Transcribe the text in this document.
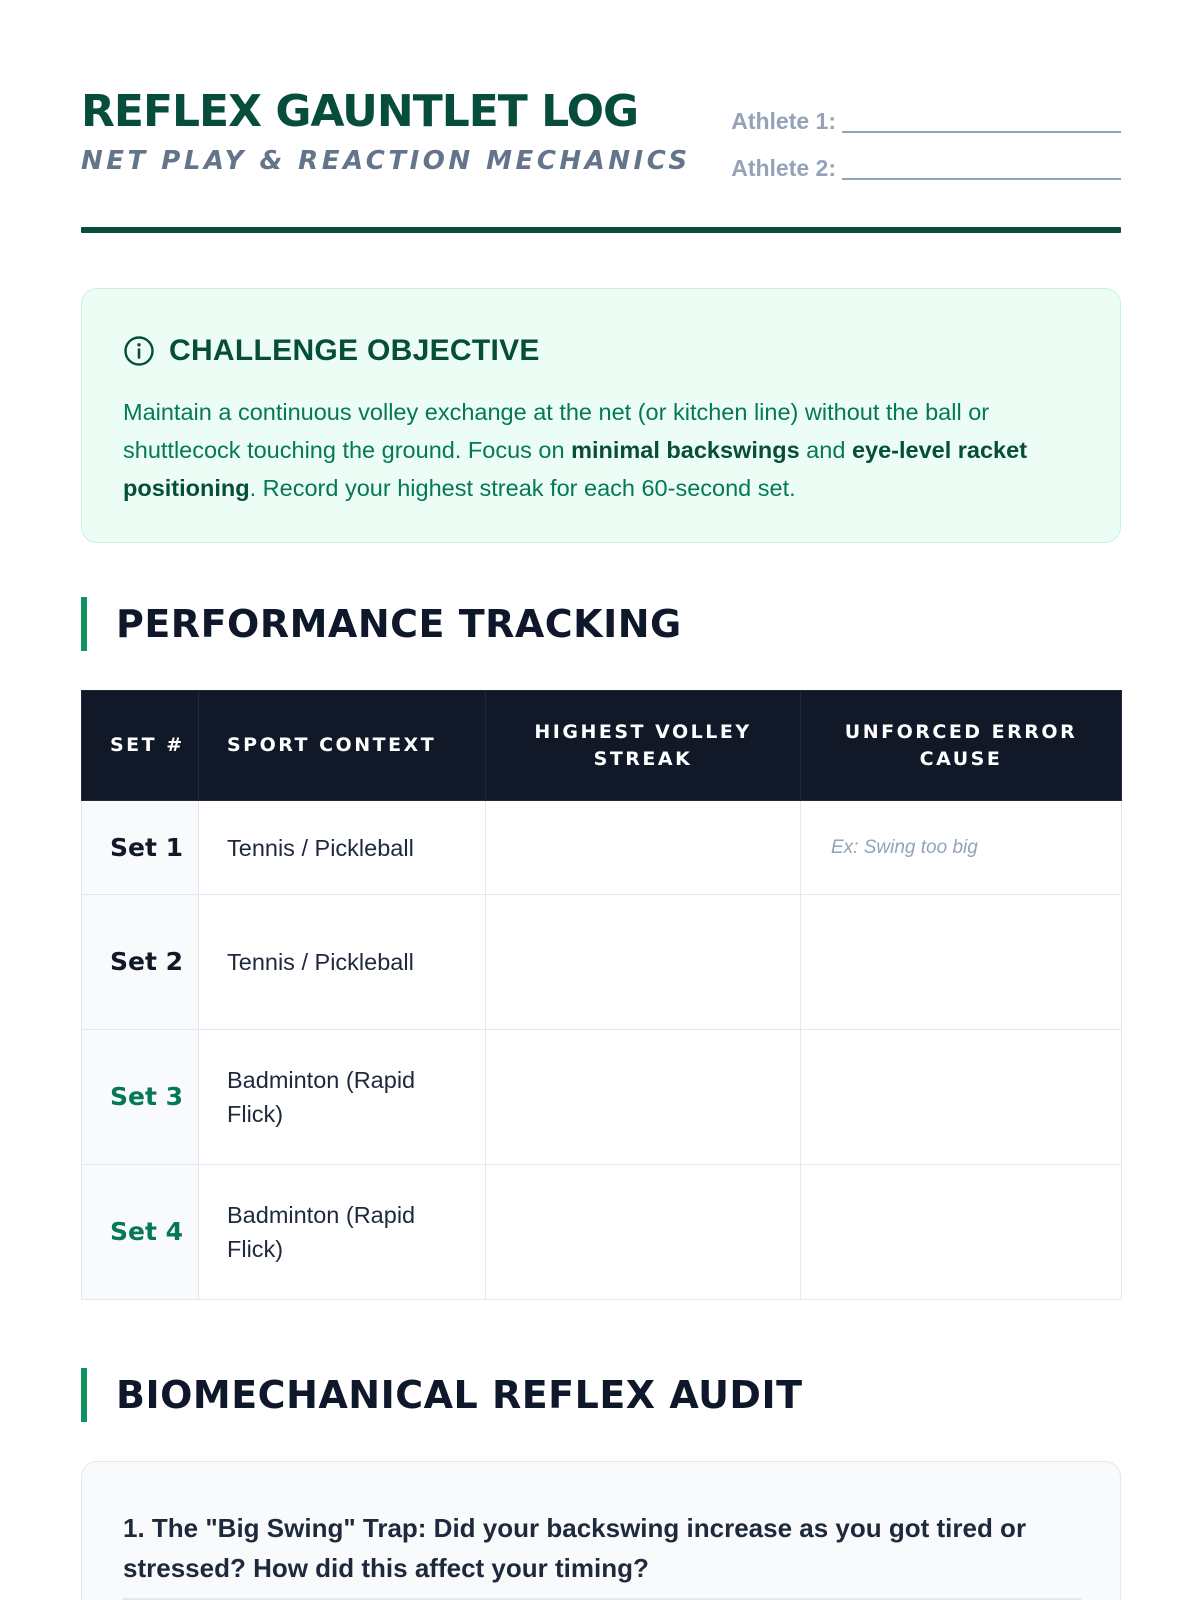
REFLEX GAUNTLET LOG
NET PLAY & REACTION MECHANICS
Athlete 1:
Athlete 2:
CHALLENGE OBJECTIVE

Maintain a continuous volley exchange at the net (or kitchen line) without the ball or shuttlecock touching the ground. Focus on minimal backswings and eye-level racket positioning. Record your highest streak for each 60-second set.

PERFORMANCE TRACKING
SET #	SPORT CONTEXT	HIGHEST VOLLEY STREAK	UNFORCED ERROR CAUSE
Set 1	Tennis / Pickleball		Ex: Swing too big
Set 2	Tennis / Pickleball		
Set 3	Badminton (Rapid Flick)		
Set 4	Badminton (Rapid Flick)		
BIOMECHANICAL REFLEX AUDIT

1. The "Big Swing" Trap: Did your backswing increase as you got tired or stressed? How did this affect your timing?
